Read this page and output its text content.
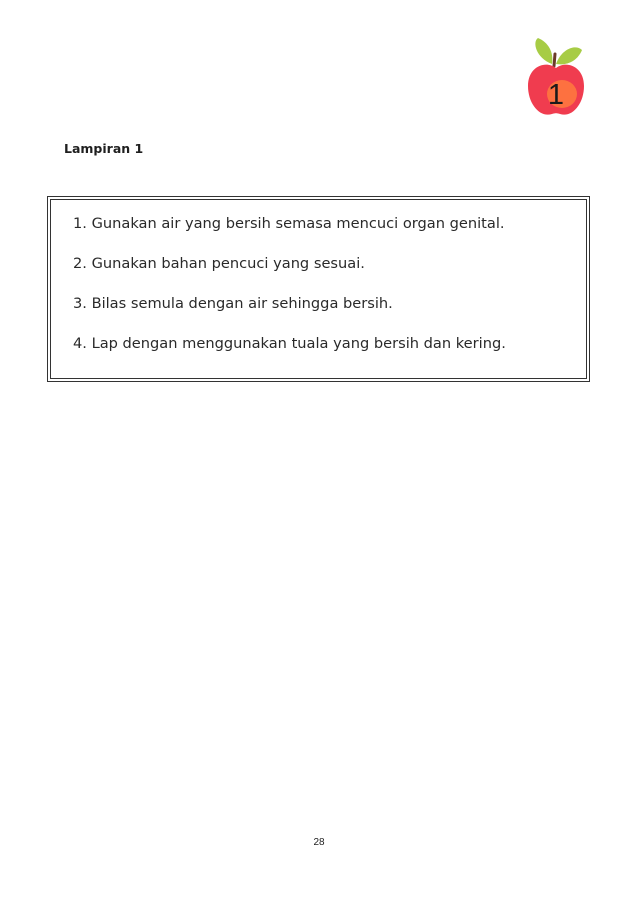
1
Lampiran 1
1. Gunakan air yang bersih semasa mencuci organ genital.
2. Gunakan bahan pencuci yang sesuai.
3. Bilas semula dengan air sehingga bersih.
4. Lap dengan menggunakan tuala yang bersih dan kering.
28
